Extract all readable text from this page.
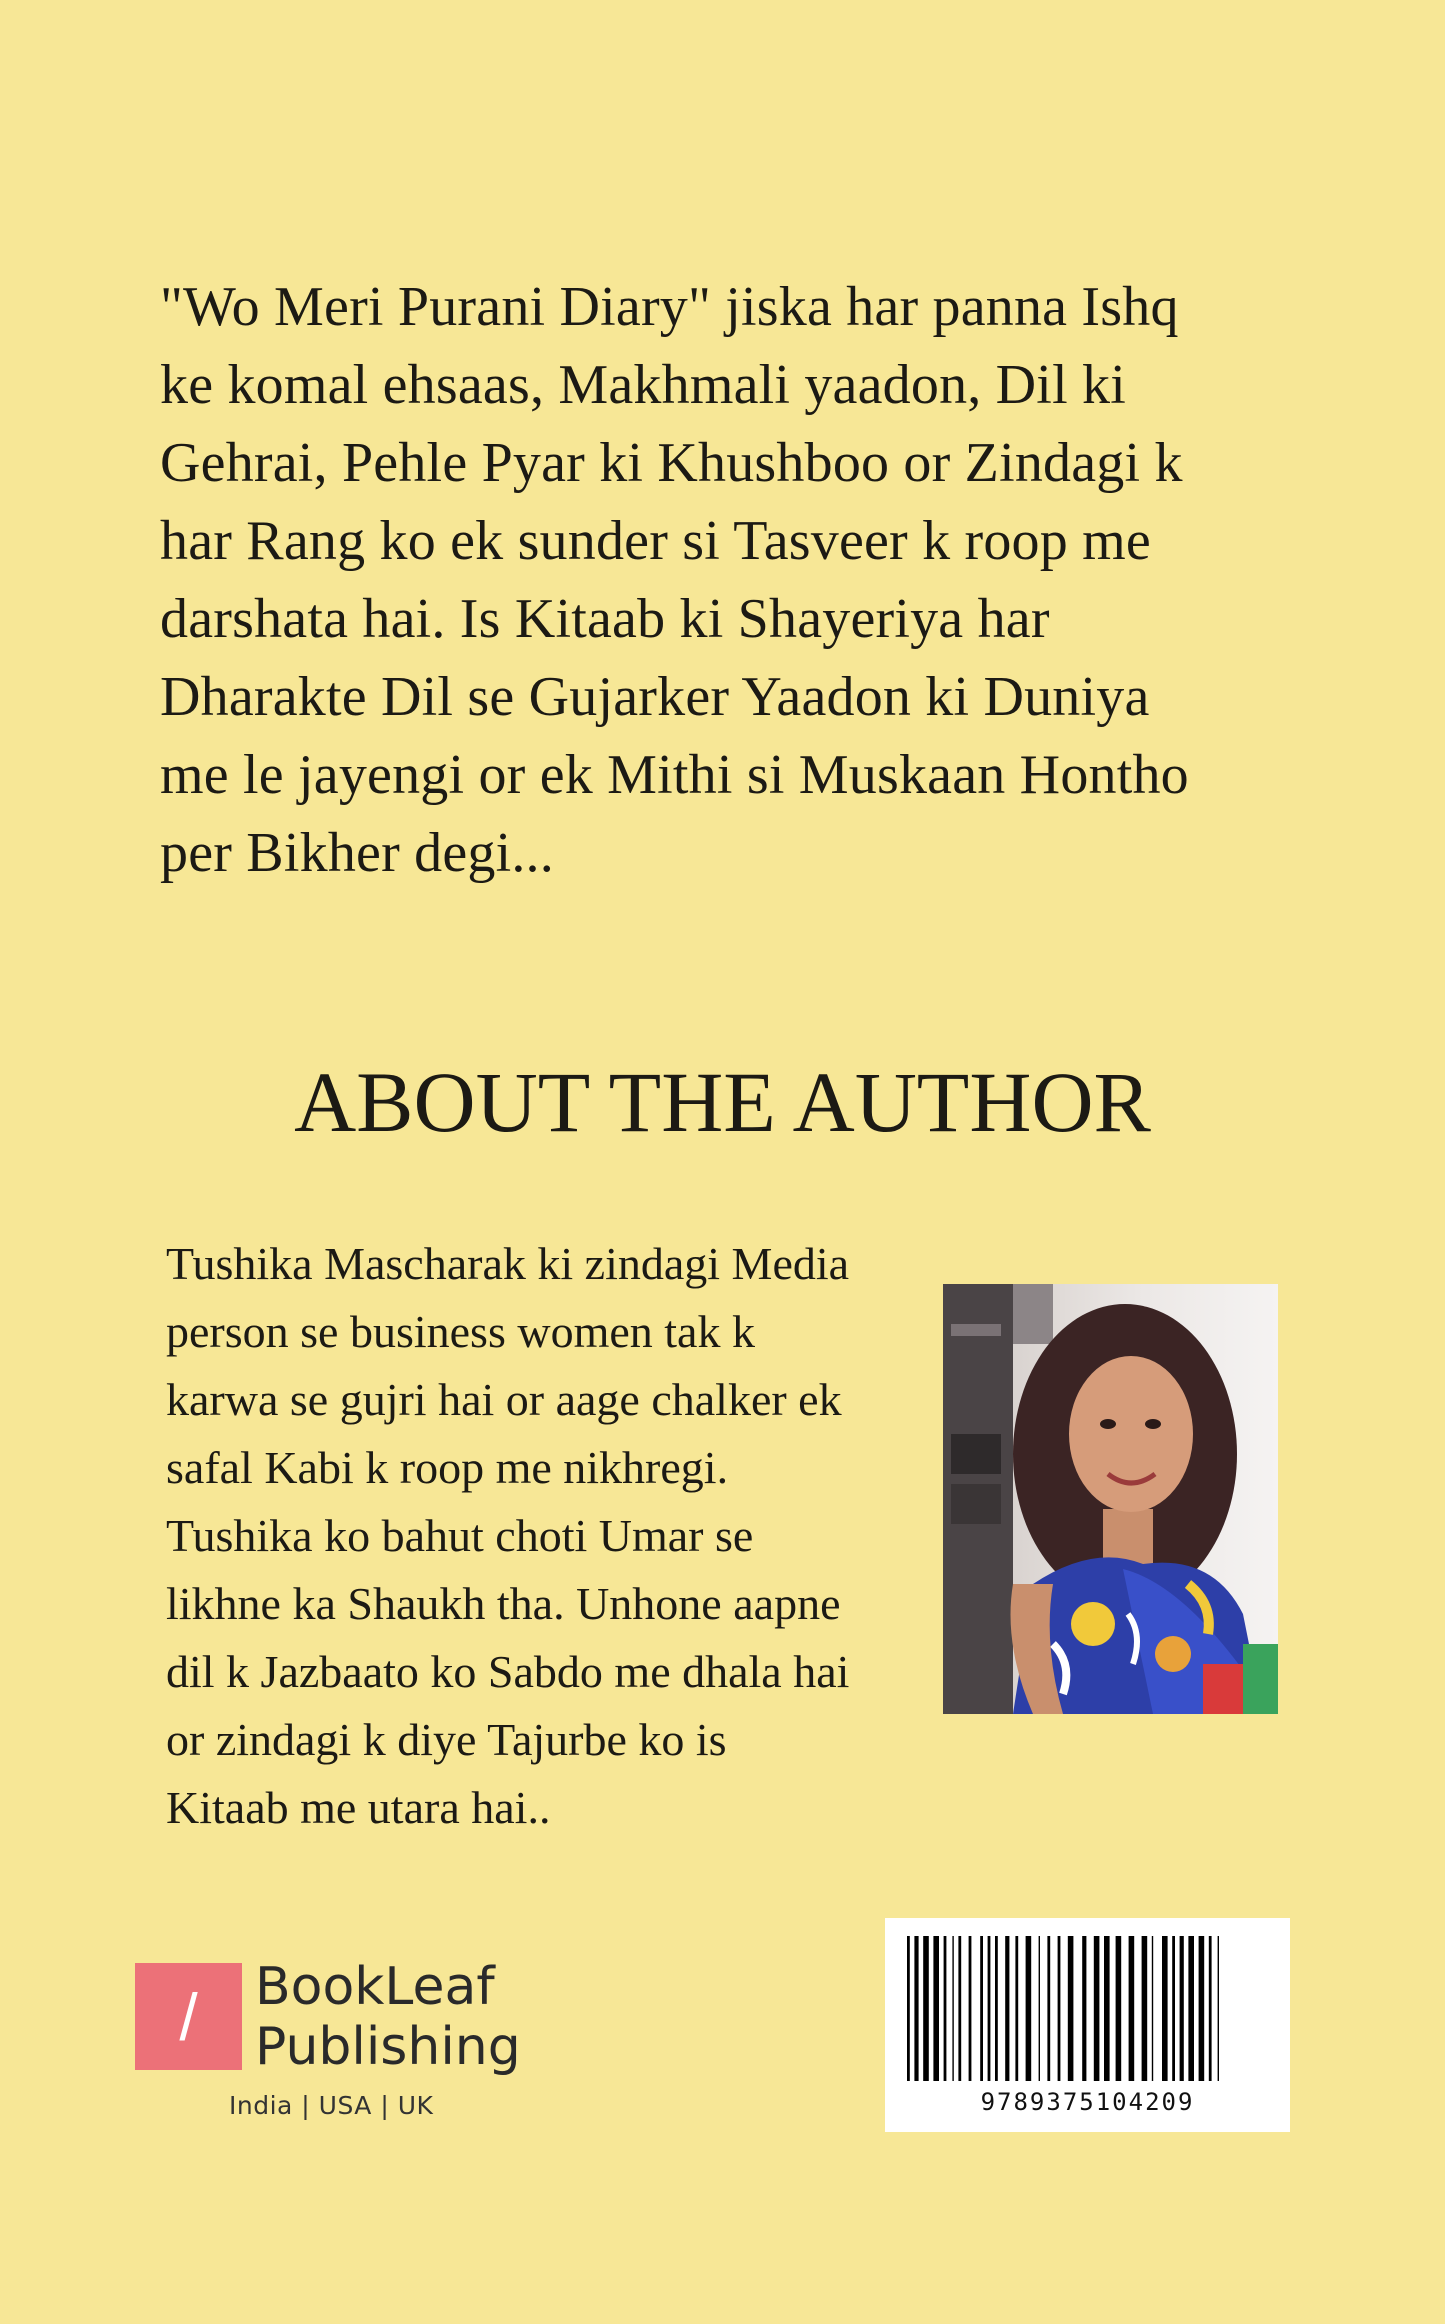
"Wo Meri Purani Diary" jiska har panna Ishq
ke komal ehsaas, Makhmali yaadon, Dil ki
Gehrai, Pehle Pyar ki Khushboo or Zindagi k
har Rang ko ek sunder si Tasveer k roop me
darshata hai. Is Kitaab ki Shayeriya har
Dharakte Dil se Gujarker Yaadon ki Duniya
me le jayengi or ek Mithi si Muskaan Hontho
per Bikher degi...

ABOUT THE AUTHOR

Tushika Mascharak ki zindagi Media
person se business women tak k
karwa se gujri hai or aage chalker ek
safal Kabi k roop me nikhregi.
Tushika ko bahut choti Umar se
likhne ka Shaukh tha. Unhone aapne
dil k Jazbaato ko Sabdo me dhala hai
or zindagi k diye Tajurbe ko is
Kitaab me utara hai..

/	BookLeaf
Publishing
India | USA | UK	9789375104209
